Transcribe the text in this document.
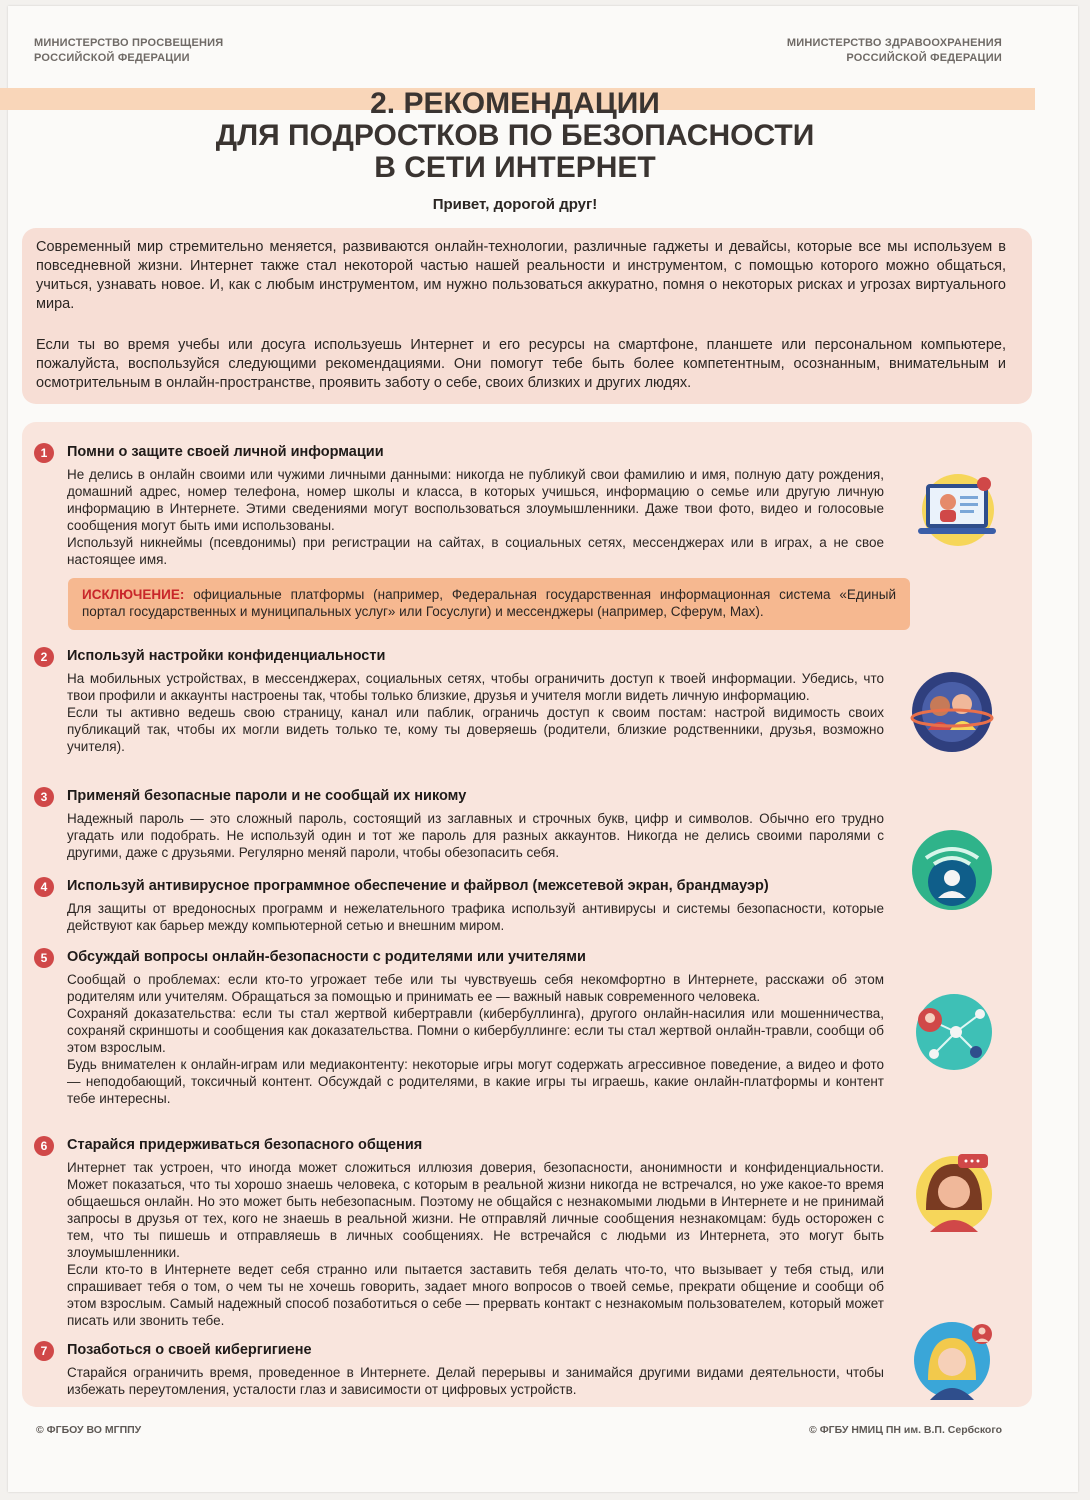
МИНИСТЕРСТВО ПРОСВЕЩЕНИЯ
РОССИЙСКОЙ ФЕДЕРАЦИИ
МИНИСТЕРСТВО ЗДРАВООХРАНЕНИЯ
РОССИЙСКОЙ ФЕДЕРАЦИИ
2. РЕКОМЕНДАЦИИ
ДЛЯ ПОДРОСТКОВ ПО БЕЗОПАСНОСТИ
В СЕТИ ИНТЕРНЕТ
Привет, дорогой друг!

Современный мир стремительно меняется, развиваются онлайн-технологии, различные гаджеты и девайсы, которые все мы используем в повседневной жизни. Интернет также стал некоторой частью нашей реальности и инструментом, с помощью которого можно общаться, учиться, узнавать новое. И, как с любым инструментом, им нужно пользоваться аккуратно, помня о некоторых рисках и угрозах виртуального мира.

Если ты во время учебы или досуга используешь Интернет и его ресурсы на смартфоне, планшете или персональном компьютере, пожалуйста, воспользуйся следующими рекомендациями. Они помогут тебе быть более компетентным, осознанным, внимательным и осмотрительным в онлайн-пространстве, проявить заботу о себе, своих близких и других людях.

1	Помни о защите своей личной информации

Не делись в онлайн своими или чужими личными данными: никогда не публикуй свои фамилию и имя, полную дату рождения, домашний адрес, номер телефона, номер школы и класса, в которых учишься, информацию о семье или другую личную информацию в Интернете. Этими сведениями могут воспользоваться злоумышленники. Даже твои фото, видео и голосовые сообщения могут быть ими использованы.

Используй никнеймы (псевдонимы) при регистрации на сайтах, в социальных сетях, мессенджерах или в играх, а не свое настоящее имя.

ИСКЛЮЧЕНИЕ: официальные платформы (например, Федеральная государственная информационная система «Единый портал государственных и муниципальных услуг» или Госуслуги) и мессенджеры (например, Сферум, Max).

2	Используй настройки конфиденциальности

На мобильных устройствах, в мессенджерах, социальных сетях, чтобы ограничить доступ к твоей информации. Убедись, что твои профили и аккаунты настроены так, чтобы только близкие, друзья и учителя могли видеть личную информацию.

Если ты активно ведешь свою страницу, канал или паблик, ограничь доступ к своим постам: настрой видимость своих публикаций так, чтобы их могли видеть только те, кому ты доверяешь (родители, близкие родственники, друзья, возможно учителя).

3	Применяй безопасные пароли и не сообщай их никому

Надежный пароль — это сложный пароль, состоящий из заглавных и строчных букв, цифр и символов. Обычно его трудно угадать или подобрать. Не используй один и тот же пароль для разных аккаунтов. Никогда не делись своими паролями с другими, даже с друзьями. Регулярно меняй пароли, чтобы обезопасить себя.

4	Используй антивирусное программное обеспечение и файрвол (межсетевой экран, брандмауэр)

Для защиты от вредоносных программ и нежелательного трафика используй антивирусы и системы безопасности, которые действуют как барьер между компьютерной сетью и внешним миром.

5	Обсуждай вопросы онлайн-безопасности с родителями или учителями

Сообщай о проблемах: если кто-то угрожает тебе или ты чувствуешь себя некомфортно в Интернете, расскажи об этом родителям или учителям. Обращаться за помощью и принимать ее — важный навык современного человека.

Сохраняй доказательства: если ты стал жертвой кибертравли (кибербуллинга), другого онлайн-насилия или мошенничества, сохраняй скриншоты и сообщения как доказательства. Помни о кибербуллинге: если ты стал жертвой онлайн-травли, сообщи об этом взрослым.

Будь внимателен к онлайн-играм или медиаконтенту: некоторые игры могут содержать агрессивное поведение, а видео и фото — неподобающий, токсичный контент. Обсуждай с родителями, в какие игры ты играешь, какие онлайн-платформы и контент тебе интересны.

6	Старайся придерживаться безопасного общения

Интернет так устроен, что иногда может сложиться иллюзия доверия, безопасности, анонимности и конфиденциальности. Может показаться, что ты хорошо знаешь человека, с которым в реальной жизни никогда не встречался, но уже какое-то время общаешься онлайн. Но это может быть небезопасным. Поэтому не общайся с незнакомыми людьми в Интернете и не принимай запросы в друзья от тех, кого не знаешь в реальной жизни. Не отправляй личные сообщения незнакомцам: будь осторожен с тем, что ты пишешь и отправляешь в личных сообщениях. Не встречайся с людьми из Интернета, это могут быть злоумышленники.

Если кто-то в Интернете ведет себя странно или пытается заставить тебя делать что-то, что вызывает у тебя стыд, или спрашивает тебя о том, о чем ты не хочешь говорить, задает много вопросов о твоей семье, прекрати общение и сообщи об этом взрослым. Самый надежный способ позаботиться о себе — прервать контакт с незнакомым пользователем, который может писать или звонить тебе.

7	Позаботься о своей кибергигиене

Старайся ограничить время, проведенное в Интернете. Делай перерывы и занимайся другими видами деятельности, чтобы избежать переутомления, усталости глаз и зависимости от цифровых устройств.

© ФГБОУ ВО МГППУ	© ФГБУ НМИЦ ПН им. В.П. Сербского
